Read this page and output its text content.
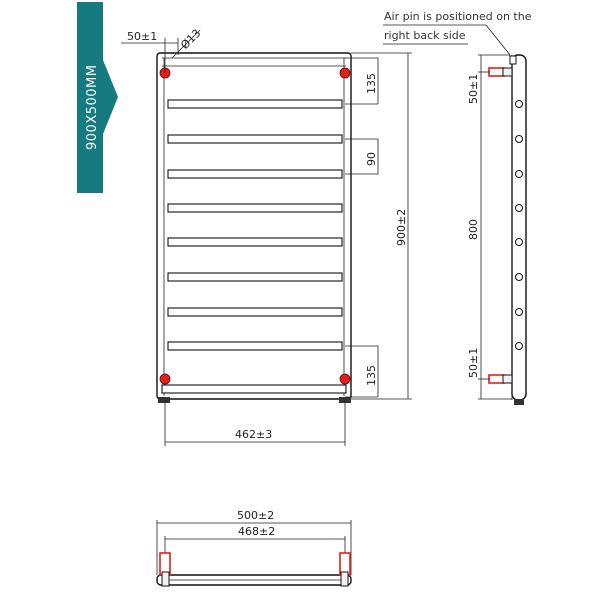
900X500MM
Air pin is positioned on the
right back side
50±1 Ø13
135
90
135
900±2
462±3
50±1
800
50±1
500±2
468±2
